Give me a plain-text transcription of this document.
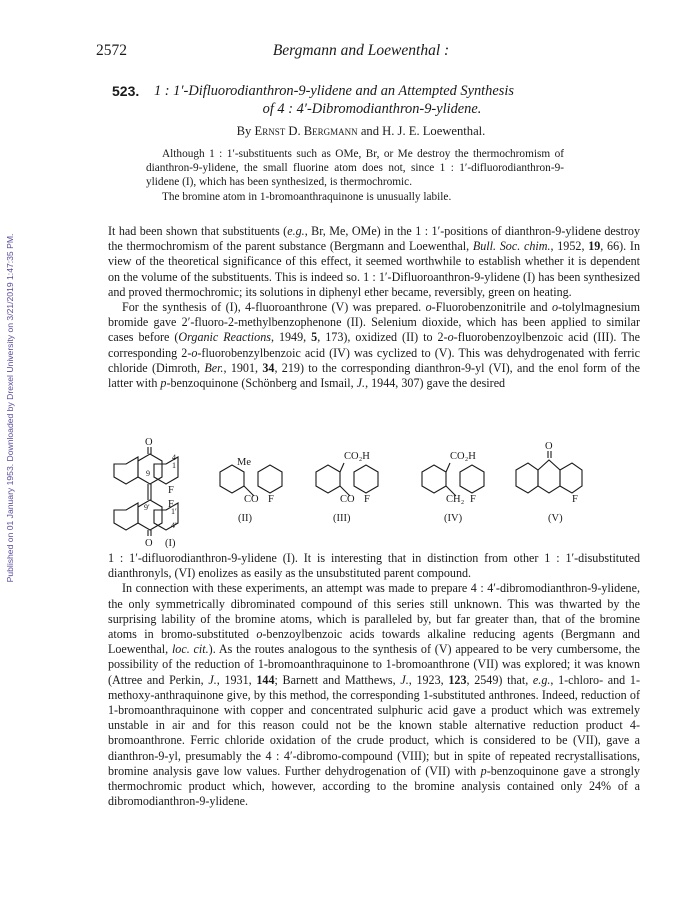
Published on 01 January 1953. Downloaded by Drexel University on 3/21/2019 1:47:35 PM.
2572	Bergmann and Loewenthal :
523. 1 : 1′-Difluorodianthron-9-ylidene and an Attempted Synthesis
of 4 : 4′-Dibromodianthron-9-ylidene.
By Ernst D. Bergmann and H. J. E. Loewenthal.

Although 1 : 1′-substituents such as OMe, Br, or Me destroy the thermochromism of dianthron-9-ylidene, the small fluorine atom does not, since 1 : 1′-difluorodianthron-9-ylidene (I), which has been synthesized, is thermochromic.

The bromine atom in 1-bromoanthraquinone is unusually labile.

It had been shown that substituents (e.g., Br, Me, OMe) in the 1 : 1′-positions of dianthron-9-ylidene destroy the thermochromism of the parent substance (Bergmann and Loewenthal, Bull. Soc. chim., 1952, 19, 66). In view of the theoretical significance of this effect, it seemed worthwhile to establish whether it is dependent on the volume of the substituents. This is indeed so. 1 : 1′-Difluoroanthron-9-ylidene (I) has been synthesized and proved thermochromic; its solutions in diphenyl ether became, reversibly, green on heating.

For the synthesis of (I), 4-fluoroanthrone (V) was prepared. o-Fluorobenzonitrile and o-tolylmagnesium bromide gave 2′-fluoro-2-methylbenzophenone (II). Selenium dioxide, which has been applied to similar cases before (Organic Reactions, 1949, 5, 173), oxidized (II) to 2-o-fluorobenzoylbenzoic acid (III). The corresponding 2-o-fluorobenzylbenzoic acid (IV) was cyclized to (V). This was dehydrogenated with ferric chloride (Dimroth, Ber., 1901, 34, 219) to the corresponding dianthron-9-yl (VI), and the enol form of the latter with p-benzoquinone (Schönberg and Ismail, J., 1944, 307) gave the desired

O
9
1
4
F
F
9′	1′
4′
O (I)
Me
CO F
(II)
CO₂H
CO F
(III)
CO₂H
CH₂ F
(IV)
O
F
(V)

1 : 1′-difluorodianthron-9-ylidene (I). It is interesting that in distinction from other 1 : 1′-disubstituted dianthronyls, (VI) enolizes as easily as the unsubstituted parent compound.

In connection with these experiments, an attempt was made to prepare 4 : 4′-dibromodianthron-9-ylidene, the only symmetrically dibrominated compound of this series still unknown. This was thwarted by the surprising lability of the bromine atoms, which is paralleled by, but far greater than, that of the bromine atoms in bromo-substituted o-benzoylbenzoic acids towards alkaline reducing agents (Bergmann and Loewenthal, loc. cit.). As the routes analogous to the synthesis of (V) appeared to be very cumbersome, the possibility of the reduction of 1-bromoanthraquinone to 1-bromoanthrone (VII) was explored; it was known (Attree and Perkin, J., 1931, 144; Barnett and Matthews, J., 1923, 123, 2549) that, e.g., 1-chloro- and 1-methoxy-anthraquinone give, by this method, the corresponding 1-substituted anthrones. Indeed, reduction of 1-bromoanthraquinone with copper and concentrated sulphuric acid gave a product which was extremely unstable in air and for this reason could not be the known stable alternative reduction product 4-bromoanthrone. Ferric chloride oxidation of the crude product, which is considered to be (VII), gave a dianthron-9-yl, presumably the 4 : 4′-dibromo-compound (VIII); but in spite of repeated recrystallisations, bromine analysis gave low values. Further dehydrogenation of (VII) with p-benzoquinone gave a strongly thermochromic product which, however, according to the bromine analysis contained only 24% of a dibromodianthron-9-ylidene.
